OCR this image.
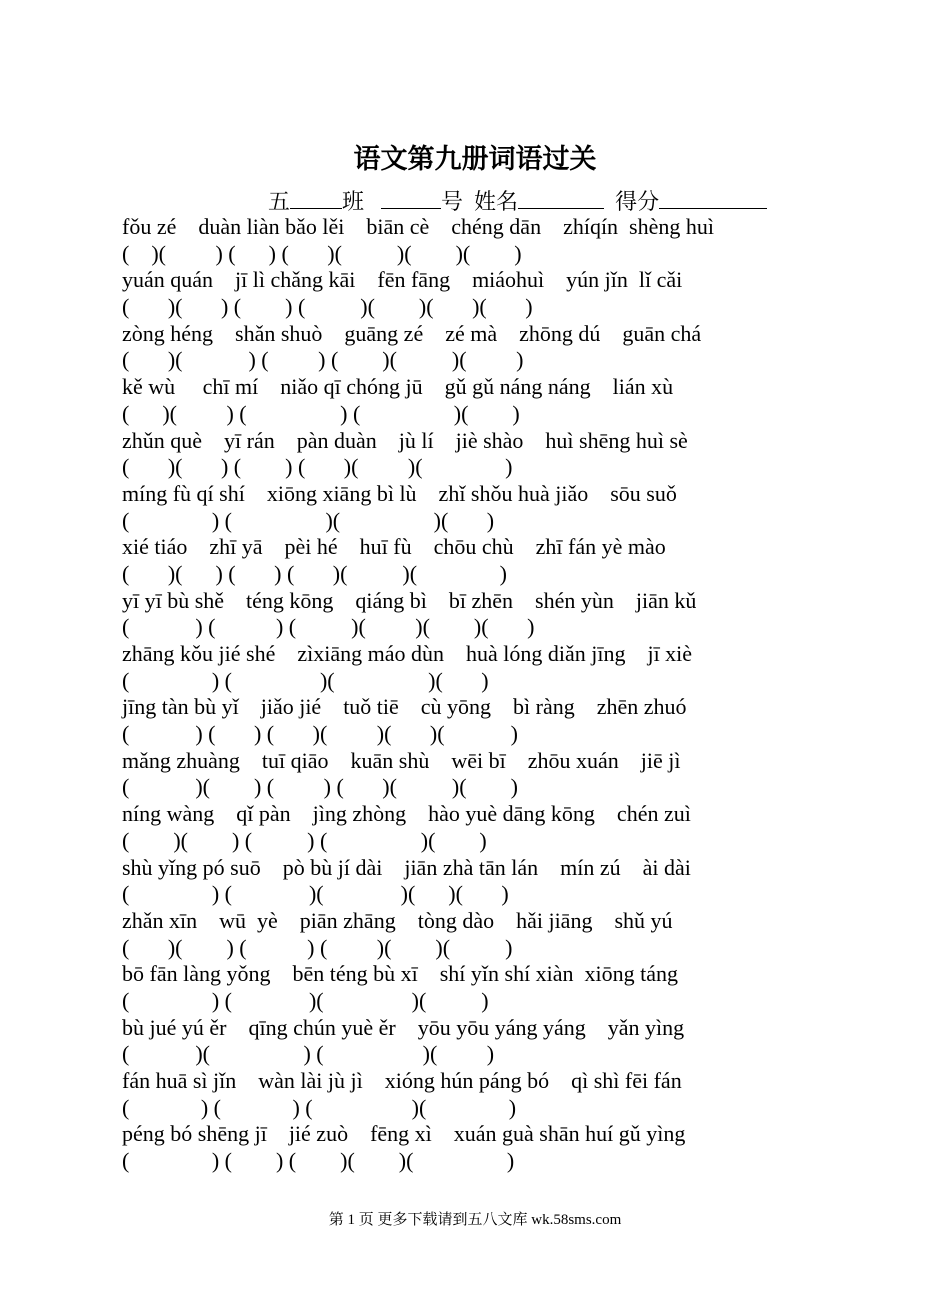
语文第九册词语过关
五 班	号 姓名	得分
fǒu zé    duàn liàn bǎo lěi    biān cè    chéng dān    zhíqín  shèng huì
(    )(         ) (      ) (       )(          )(        )(        )
yuán quán    jī lì chǎng kāi    fēn fāng    miáohuì    yún jǐn  lǐ cǎi
(       )(       ) (        ) (          )(        )(       )(       )
zòng héng    shǎn shuò    guāng zé    zé mà    zhōng dú    guān chá
(       )(            ) (         ) (        )(          )(         )
kě wù     chī mí    niǎo qī chóng jū    gǔ gǔ náng náng    lián xù
(      )(         ) (                 ) (                 )(        )
zhǔn què    yī rán    pàn duàn    jù lí    jiè shào    huì shēng huì sè
(       )(       ) (        ) (       )(         )(               )
míng fù qí shí    xiōng xiāng bì lù    zhǐ shǒu huà jiǎo    sōu suǒ
(               ) (                 )(                 )(       )
xié tiáo    zhī yā    pèi hé    huī fù    chōu chù    zhī fán yè mào
(       )(      ) (       ) (       )(          )(               )
yī yī bù shě    téng kōng    qiáng bì    bī zhēn    shén yùn    jiān kǔ
(            ) (           ) (          )(         )(        )(       )
zhāng kǒu jié shé    zìxiāng máo dùn    huà lóng diǎn jīng    jī xiè
(               ) (                )(                 )(       )
jīng tàn bù yǐ    jiǎo jié    tuǒ tiē    cù yōng    bì ràng    zhēn zhuó
(            ) (       ) (       )(         )(       )(            )
mǎng zhuàng    tuī qiāo    kuān shù    wēi bī    zhōu xuán    jiē jì
(            )(        ) (         ) (       )(          )(        )
níng wàng    qǐ pàn    jìng zhòng    hào yuè dāng kōng    chén zuì
(        )(        ) (          ) (                 )(        )
shù yǐng pó suō    pò bù jí dài    jiān zhà tān lán    mín zú    ài dài
(               ) (              )(              )(      )(       )
zhǎn xīn    wū  yè    piān zhāng    tòng dào    hǎi jiāng    shǔ yú
(       )(        ) (           ) (         )(        )(          )
bō fān làng yǒng    bēn téng bù xī    shí yǐn shí xiàn  xiōng táng
(               ) (              )(                )(          )
bù jué yú ěr    qīng chún yuè ěr    yōu yōu yáng yáng    yǎn yìng
(            )(                 ) (                  )(         )
fán huā sì jǐn    wàn lài jù jì    xióng hún páng bó    qì shì fēi fán
(             ) (             ) (                  )(               )
péng bó shēng jī    jié zuò    fēng xì    xuán guà shān huí gǔ yìng
(               ) (        ) (        )(        )(                 )
第 1 页 更多下载请到五八文库 wk.58sms.com
